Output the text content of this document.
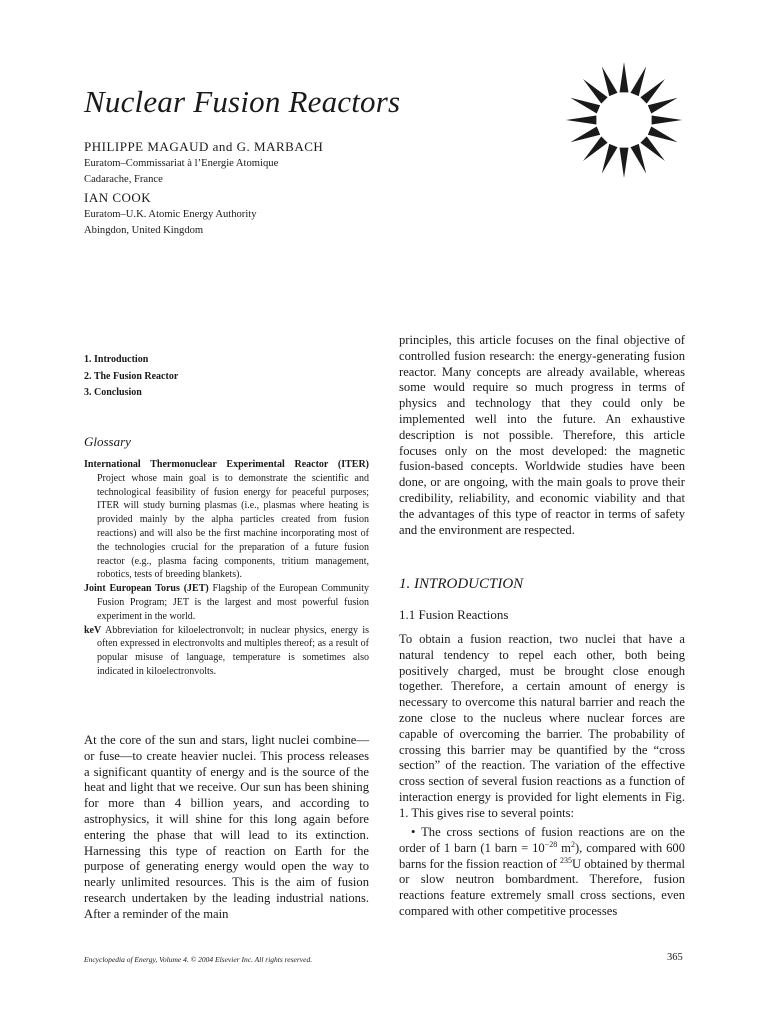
Nuclear Fusion Reactors
PHILIPPE MAGAUD and G. MARBACH
Euratom–Commissariat à l’Energie Atomique
Cadarache, France
IAN COOK
Euratom–U.K. Atomic Energy Authority
Abingdon, United Kingdom
1. Introduction
2. The Fusion Reactor
3. Conclusion
Glossary

International Thermonuclear Experimental Reactor (ITER) Project whose main goal is to demonstrate the scientific and technological feasibility of fusion energy for peaceful purposes; ITER will study burning plasmas (i.e., plasmas where heating is provided mainly by the alpha particles created from fusion reactions) and will also be the first machine incorporating most of the technologies crucial for the preparation of a future fusion reactor (e.g., plasma facing components, tritium management, robotics, tests of breeding blankets).

Joint European Torus (JET) Flagship of the European Community Fusion Program; JET is the largest and most powerful fusion experiment in the world.

keV Abbreviation for kiloelectronvolt; in nuclear physics, energy is often expressed in electronvolts and multiples thereof; as a result of popular misuse of language, temperature is sometimes also indicated in kiloelectronvolts.

At the core of the sun and stars, light nuclei combine—or fuse—to create heavier nuclei. This process releases a significant quantity of energy and is the source of the heat and light that we receive. Our sun has been shining for more than 4 billion years, and according to astrophysics, it will shine for this long again before entering the phase that will lead to its extinction. Harnessing this type of reaction on Earth for the purpose of generating energy would open the way to nearly unlimited resources. This is the aim of fusion research undertaken by the leading industrial nations. After a reminder of the main

principles, this article focuses on the final objective of controlled fusion research: the energy-generating fusion reactor. Many concepts are already available, whereas some would require so much progress in terms of physics and technology that they could only be implemented well into the future. An exhaustive description is not possible. Therefore, this article focuses only on the most developed: the magnetic fusion-based concepts. Worldwide studies have been done, or are ongoing, with the main goals to prove their credibility, reliability, and economic viability and that the advantages of this type of reactor in terms of safety and the environment are respected.

1. INTRODUCTION
1.1 Fusion Reactions

To obtain a fusion reaction, two nuclei that have a natural tendency to repel each other, both being positively charged, must be brought close enough together. Therefore, a certain amount of energy is necessary to overcome this natural barrier and reach the zone close to the nucleus where nuclear forces are capable of overcoming the barrier. The probability of crossing this barrier may be quantified by the “cross section” of the reaction. The variation of the effective cross section of several fusion reactions as a function of interaction energy is provided for light elements in Fig. 1. This gives rise to several points:

• The cross sections of fusion reactions are on the order of 1 barn (1 barn = $10^{-28}$ $m^2$), compared with 600 barns for the fission reaction of $^{235}$U obtained by thermal or slow neutron bombardment. Therefore, fusion reactions feature extremely small cross sections, even compared with other competitive processes

Encyclopedia of Energy, Volume 4. © 2004 Elsevier Inc. All rights reserved.	365
